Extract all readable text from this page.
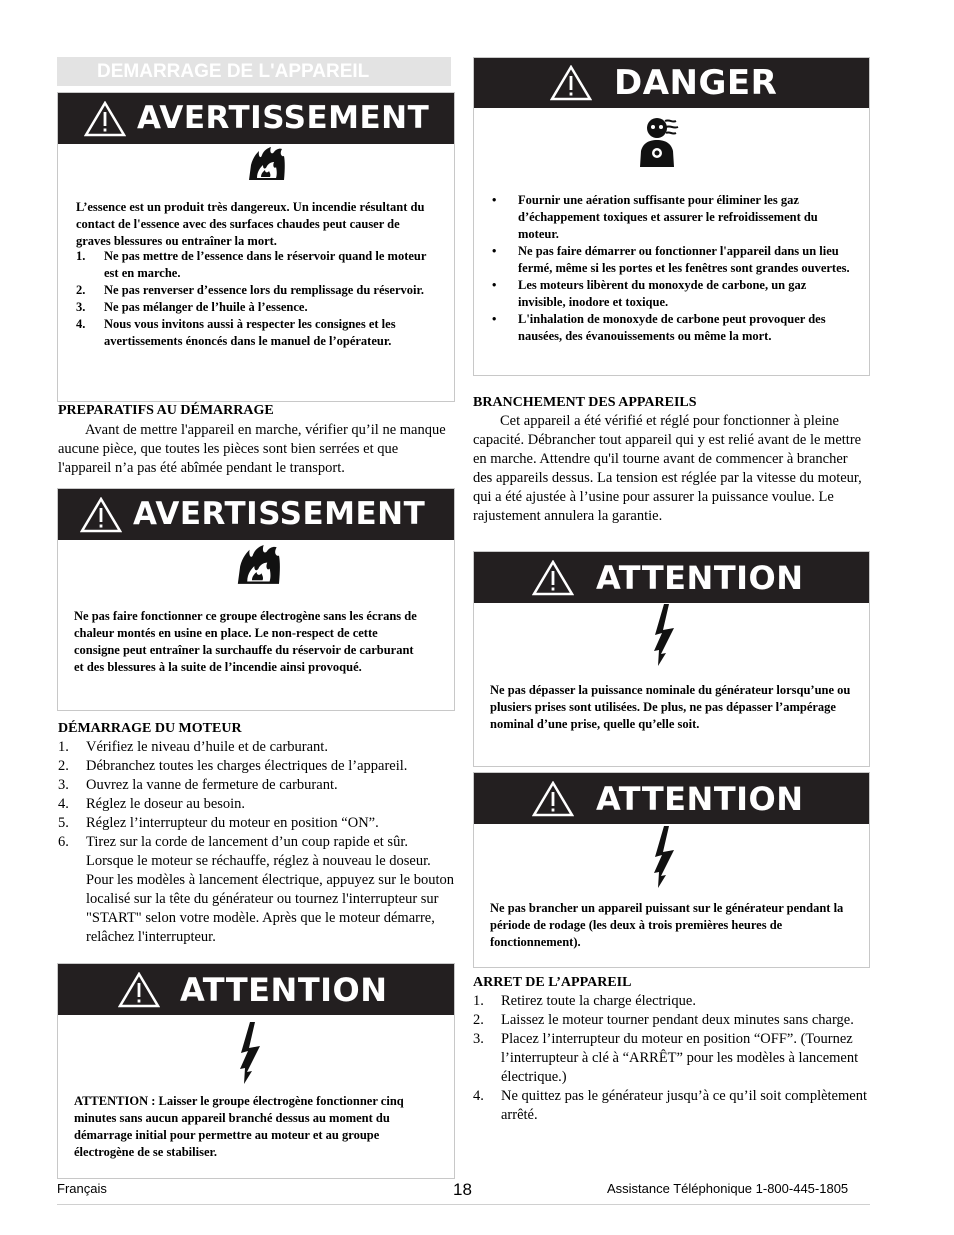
DEMARRAGE DE L'APPAREIL
AVERTISSEMENT
L’essence est un produit très dangereux. Un incendie résultant du contact de l'essence avec des surfaces chaudes peut causer de graves blessures ou entraîner la mort.
1. Ne pas mettre de l’essence dans le réservoir quand le moteur est en marche.
2. Ne pas renverser d’essence lors du remplissage du réservoir.
3. Ne pas mélanger de l’huile à l’essence.
4. Nous vous invitons aussi à respecter les consignes et les avertissements énoncés dans le manuel de l’opérateur.
PREPARATIFS AU DÉMARRAGE
Avant de mettre l'appareil en marche, vérifier qu’il ne manque aucune pièce, que toutes les pièces sont bien serrées et que l'appareil n’a pas été abîmée pendant le transport.
AVERTISSEMENT
Ne pas faire fonctionner ce groupe électrogène sans les écrans de chaleur montés en usine en place. Le non-respect de cette consigne peut entraîner la surchauffe du réservoir de carburant et des blessures à la suite de l’incendie ainsi provoqué.
DÉMARRAGE DU MOTEUR
1. Vérifiez le niveau d’huile et de carburant.
2. Débranchez toutes les charges électriques de l’appareil.
3. Ouvrez la vanne de fermeture de carburant.
4. Réglez le doseur au besoin.
5. Réglez l’interrupteur du moteur en position “ON”.
6. Tirez sur la corde de lancement d’un coup rapide et sûr. Lorsque le moteur se réchauffe, réglez à nouveau le doseur. Pour les modèles à lancement électrique, appuyez sur le bouton localisé sur la tête du générateur ou tournez l'interrupteur sur "START" selon votre modèle. Après que le moteur démarre, relâchez l'interrupteur.
ATTENTION
ATTENTION : Laisser le groupe électrogène fonctionner cinq minutes sans aucun appareil branché dessus au moment du démarrage initial pour permettre au moteur et au groupe électrogène de se stabiliser.
DANGER
• Fournir une aération suffisante pour éliminer les gaz d’échappement toxiques et assurer le refroidissement du moteur.
• Ne pas faire démarrer ou fonctionner l'appareil dans un lieu fermé, même si les portes et les fenêtres sont grandes ouvertes.
• Les moteurs libèrent du monoxyde de carbone, un gaz invisible, inodore et toxique.
• L'inhalation de monoxyde de carbone peut provoquer des nausées, des évanouissements ou même la mort.
BRANCHEMENT DES APPAREILS
Cet appareil a été vérifié et réglé pour fonctionner à pleine capacité. Débrancher tout appareil qui y est relié avant de le mettre en marche. Attendre qu'il tourne avant de commencer à brancher des appareils dessus. La tension est réglée par la vitesse du moteur, qui a été ajustée à l’usine pour assurer la puissance voulue. Le rajustement annulera la garantie.
ATTENTION
Ne pas dépasser la puissance nominale du générateur lorsqu’une ou plusiers prises sont utilisées. De plus, ne pas dépasser l’ampérage nominal d’une prise, quelle qu’elle soit.
ATTENTION
Ne pas brancher un appareil puissant sur le générateur pendant la période de rodage (les deux à trois premières heures de fonctionnement).
ARRET DE L’APPAREIL
1. Retirez toute la charge électrique.
2. Laissez le moteur tourner pendant deux minutes sans charge.
3. Placez l’interrupteur du moteur en position “OFF”. (Tournez l’interrupteur à clé à “ARRÊT” pour les modèles à lancement électrique.)
4. Ne quittez pas le générateur jusqu’à ce qu’il soit complètement arrêté.
Français	18	Assistance Téléphonique 1-800-445-1805
